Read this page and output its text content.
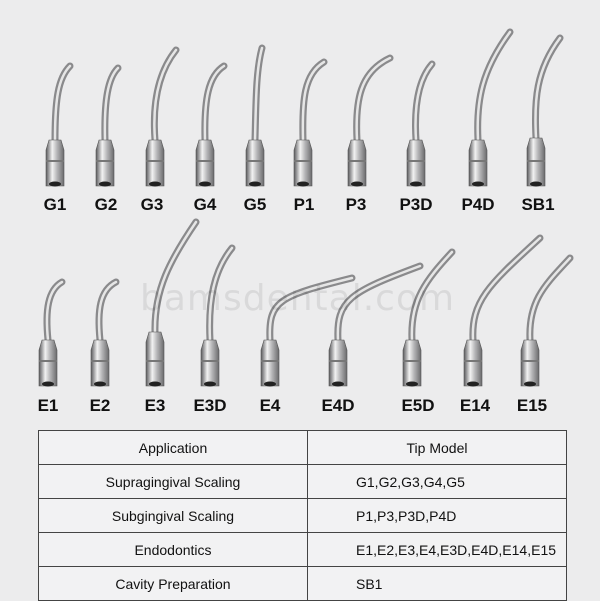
G1 G2 G3 G4 G5 P1 P3 P3D P4D SB1
E1 E2 E3 E3D E4 E4D	E5D E14 E15
bamsdental.com
Application	Tip Model
Supragingival Scaling	G1,G2,G3,G4,G5
Subgingival Scaling	P1,P3,P3D,P4D
Endodontics	E1,E2,E3,E4,E3D,E4D,E14,E15
Cavity Preparation	SB1
